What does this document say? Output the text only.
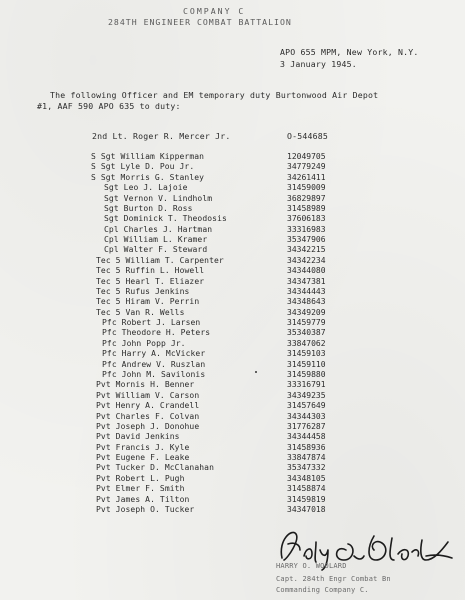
COMPANY C
284TH ENGINEER COMBAT BATTALION
APO 655 MPM, New York, N.Y.
3 January 1945.
The following Officer and EM temporary duty Burtonwood Air Depot
#1, AAF 590 APO 635 to duty:
2nd Lt. Roger R. Mercer Jr.	O-544685
S Sgt William Kipperman	12049705
S Sgt Lyle D. Pou Jr.	34779249
S Sgt Morris G. Stanley	34261411
Sgt Leo J. Lajoie	31459009
Sgt Vernon V. Lindholm	36829897
Sgt Burton D. Ross	31458989
Sgt Dominick T. Theodosis	37606183
Cpl Charles J. Hartman	33316983
Cpl William L. Kramer	35347906
Cpl Walter F. Steward	34342215
Tec 5 William T. Carpenter	34342234
Tec 5 Ruffin L. Howell	34344080
Tec 5 Hearl T. Eliazer	34347381
Tec 5 Rufus Jenkins	34344443
Tec 5 Hiram V. Perrin	34348643
Tec 5 Van R. Wells	34349209
Pfc Robert J. Larsen	31459779
Pfc Theodore H. Peters	35340387
Pfc John Popp Jr.	33847062
Pfc Harry A. McVicker	31459103
Pfc Andrew V. Ruszlan	31459110
Pfc John M. Savilonis	31459880
Pvt Mornis H. Benner	33316791
Pvt William V. Carson	34349235
Pvt Henry A. Crandell	31457649
Pvt Charles F. Colvan	34344303
Pvt Joseph J. Donohue	31776287
Pvt David Jenkins	34344458
Pvt Francis J. Kyle	31458936
Pvt Eugene F. Leake	33847874
Pvt Tucker D. McClanahan	35347332
Pvt Robert L. Pugh	34348105
Pvt Elmer F. Smith	31458874
Pvt James A. Tilton	31459819
Pvt Joseph O. Tucker	34347018
HARRY O. WOOLARD
Capt. 284th Engr Combat Bn
Commanding Company C.
